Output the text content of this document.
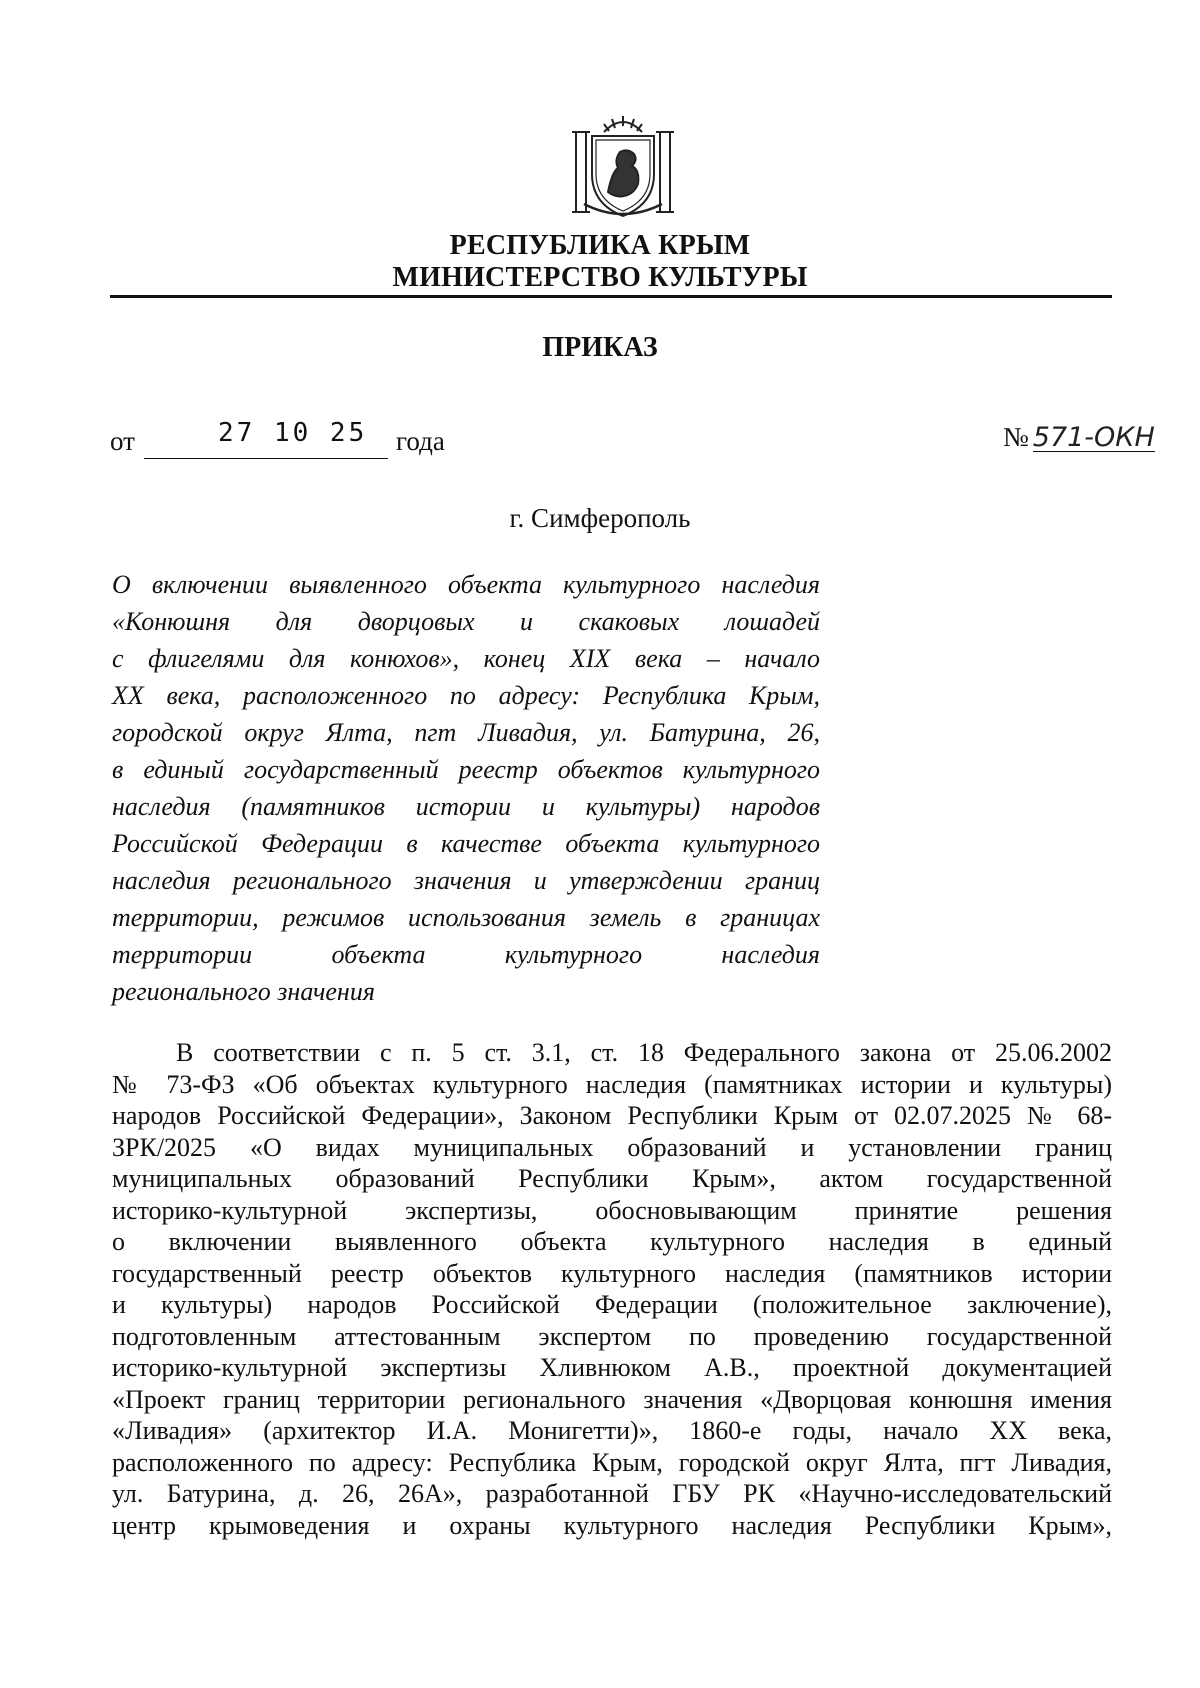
РЕСПУБЛИКА КРЫМ
МИНИСТЕРСТВО КУЛЬТУРЫ
ПРИКАЗ
от	27 10 25 года	№ 571-ОКН
г. Симферополь
О включении выявленного объекта культурного наследия
«Конюшня для дворцовых и скаковых лошадей
с флигелями для конюхов», конец XIX века – начало
XX века, расположенного по адресу: Республика Крым,
городской округ Ялта, пгт Ливадия, ул. Батурина, 26,
в единый государственный реестр объектов культурного
наследия (памятников истории и культуры) народов
Российской Федерации в качестве объекта культурного
наследия регионального значения и утверждении границ
территории, режимов использования земель в границах
территории объекта культурного наследия
регионального значения
В соответствии с п. 5 ст. 3.1, ст. 18 Федерального закона от 25.06.2002
№ 73-ФЗ «Об объектах культурного наследия (памятниках истории и культуры)
народов Российской Федерации», Законом Республики Крым от 02.07.2025 № 68-
ЗРК/2025 «О видах муниципальных образований и установлении границ
муниципальных образований Республики Крым», актом государственной
историко-культурной экспертизы, обосновывающим принятие решения
о включении выявленного объекта культурного наследия в единый
государственный реестр объектов культурного наследия (памятников истории
и культуры) народов Российской Федерации (положительное заключение),
подготовленным аттестованным экспертом по проведению государственной
историко-культурной экспертизы Хливнюком А.В., проектной документацией
«Проект границ территории регионального значения «Дворцовая конюшня имения
«Ливадия» (архитектор И.А. Монигетти)», 1860-е годы, начало XX века,
расположенного по адресу: Республика Крым, городской округ Ялта, пгт Ливадия,
ул. Батурина, д. 26, 26А», разработанной ГБУ РК «Научно-исследовательский
центр крымоведения и охраны культурного наследия Республики Крым»,
